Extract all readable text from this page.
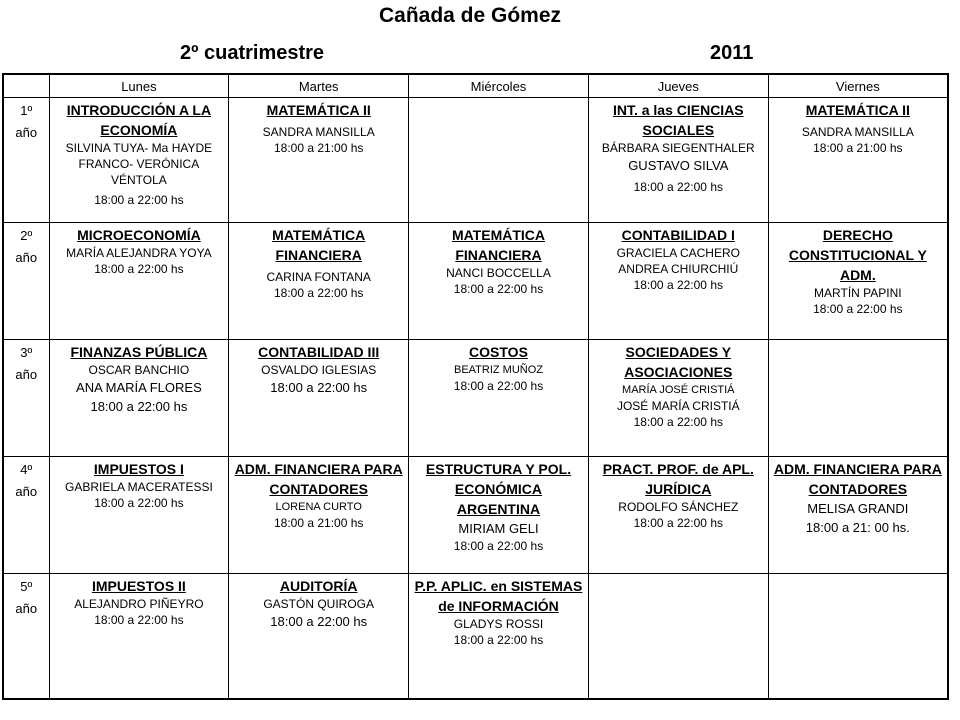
Cañada de Gómez
2º cuatrimestre	2011
	Lunes	Martes	Miércoles	Jueves	Viernes

1º
año	INTRODUCCIÓN A LA ECONOMÍA
SILVINA TUYA- Ma HAYDE FRANCO- VERÓNICA VÉNTOLA
18:00 a 22:00 hs	MATEMÁTICA II
SANDRA MANSILLA
18:00 a 21:00 hs		INT. a las CIENCIAS SOCIALES
BÁRBARA SIEGENTHALER
GUSTAVO SILVA
18:00 a 22:00 hs	MATEMÁTICA II
SANDRA MANSILLA
18:00 a 21:00 hs

2º
año	MICROECONOMÍA
MARÍA ALEJANDRA YOYA
18:00 a 22:00 hs	MATEMÁTICA FINANCIERA
CARINA FONTANA
18:00 a 22:00 hs	MATEMÁTICA FINANCIERA
NANCI BOCCELLA
18:00 a 22:00 hs	CONTABILIDAD I
GRACIELA CACHERO
ANDREA CHIURCHIÚ
18:00 a 22:00 hs	DERECHO CONSTITUCIONAL Y ADM.
MARTÍN PAPINI
18:00 a 22:00 hs

3º
año	FINANZAS PÚBLICA
OSCAR BANCHIO
ANA MARÍA FLORES
18:00 a 22:00 hs	CONTABILIDAD III
OSVALDO IGLESIAS
18:00 a 22:00 hs	COSTOS
BEATRIZ MUÑOZ
18:00 a 22:00 hs	SOCIEDADES Y ASOCIACIONES
MARÍA JOSÉ CRISTIÁ
JOSÉ MARÍA CRISTIÁ
18:00 a 22:00 hs	

4º
año	IMPUESTOS I
GABRIELA MACERATESSI
18:00 a 22:00 hs	ADM. FINANCIERA PARA CONTADORES
LORENA CURTO
18:00 a 21:00 hs	ESTRUCTURA Y POL. ECONÓMICA ARGENTINA
MIRIAM GELI
18:00 a 22:00 hs	PRACT. PROF. de APL. JURÍDICA
RODOLFO SÁNCHEZ
18:00 a 22:00 hs	ADM. FINANCIERA PARA CONTADORES
MELISA GRANDI
18:00 a 21: 00 hs.

5º
año	IMPUESTOS II
ALEJANDRO PIÑEYRO
18:00 a 22:00 hs	AUDITORÍA
GASTÓN QUIROGA
18:00 a 22:00 hs	P.P. APLIC. en SISTEMAS de INFORMACIÓN
GLADYS ROSSI
18:00 a 22:00 hs		
